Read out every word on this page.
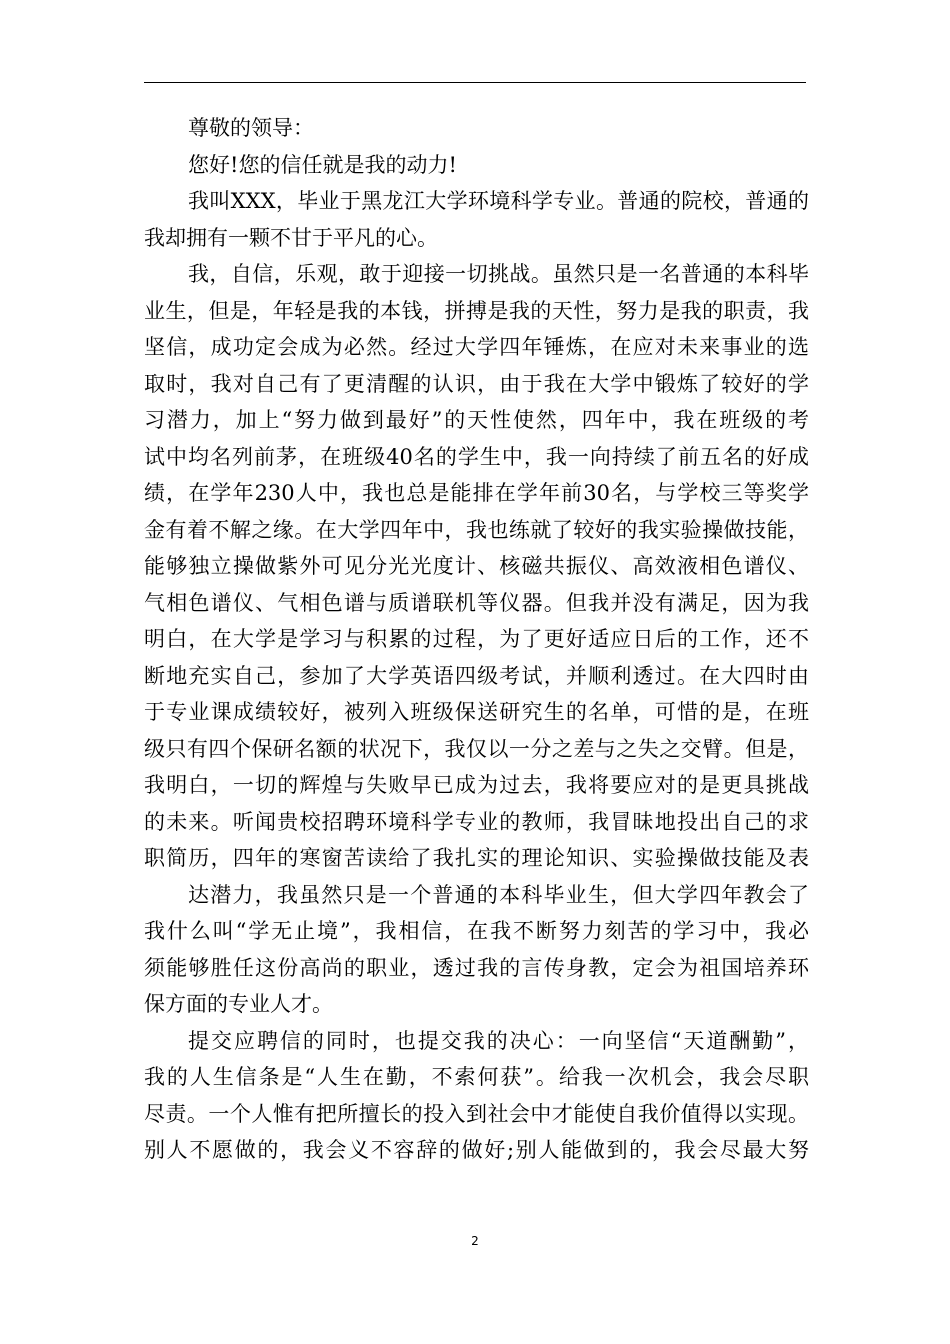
尊敬的领导：
您好!您的信任就是我的动力!
我叫XXX，毕业于黑龙江大学环境科学专业。普通的院校，普通的
我却拥有一颗不甘于平凡的心。
我，自信，乐观，敢于迎接一切挑战。虽然只是一名普通的本科毕
业生，但是，年轻是我的本钱，拼搏是我的天性，努力是我的职责，我
坚信，成功定会成为必然。经过大学四年锤炼，在应对未来事业的选
取时，我对自己有了更清醒的认识，由于我在大学中锻炼了较好的学
习潜力，加上“努力做到最好”的天性使然，四年中，我在班级的考
试中均名列前茅，在班级40名的学生中，我一向持续了前五名的好成
绩，在学年230人中，我也总是能排在学年前30名，与学校三等奖学
金有着不解之缘。在大学四年中，我也练就了较好的我实验操做技能，
能够独立操做紫外可见分光光度计、核磁共振仪、高效液相色谱仪、
气相色谱仪、气相色谱与质谱联机等仪器。但我并没有满足，因为我
明白，在大学是学习与积累的过程，为了更好适应日后的工作，还不
断地充实自己，参加了大学英语四级考试，并顺利透过。在大四时由
于专业课成绩较好，被列入班级保送研究生的名单，可惜的是，在班
级只有四个保研名额的状况下，我仅以一分之差与之失之交臂。但是，
我明白，一切的辉煌与失败早已成为过去，我将要应对的是更具挑战
的未来。听闻贵校招聘环境科学专业的教师，我冒昧地投出自己的求
职简历，四年的寒窗苦读给了我扎实的理论知识、实验操做技能及表
达潜力，我虽然只是一个普通的本科毕业生，但大学四年教会了
我什么叫“学无止境”，我相信，在我不断努力刻苦的学习中，我必
须能够胜任这份高尚的职业，透过我的言传身教，定会为祖国培养环
保方面的专业人才。
提交应聘信的同时，也提交我的决心：一向坚信“天道酬勤”，
我的人生信条是“人生在勤，不索何获”。给我一次机会，我会尽职
尽责。一个人惟有把所擅长的投入到社会中才能使自我价值得以实现。
别人不愿做的，我会义不容辞的做好;别人能做到的，我会尽最大努
2
